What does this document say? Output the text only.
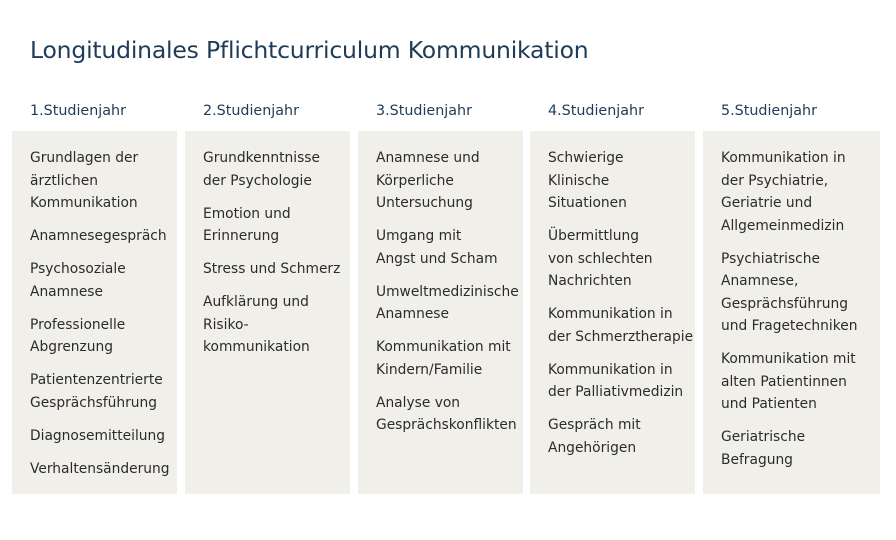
Longitudinales Pflichtcurriculum Kommunikation
1.Studienjahr
Grundlagen der
ärztlichen
Kommunikation
Anamnesegespräch
Psychosoziale
Anamnese
Professionelle
Abgrenzung
Patientenzentrierte
Gesprächsführung
Diagnosemitteilung
Verhaltensänderung
2.Studienjahr
Grundkenntnisse
der Psychologie
Emotion und
Erinnerung
Stress und Schmerz
Aufklärung und
Risiko-
kommunikation
3.Studienjahr
Anamnese und
Körperliche
Untersuchung
Umgang mit
Angst und Scham
Umweltmedizinische
Anamnese
Kommunikation mit
Kindern/Familie
Analyse von
Gesprächskonflikten
4.Studienjahr
Schwierige
Klinische
Situationen
Übermittlung
von schlechten
Nachrichten
Kommunikation in
der Schmerztherapie
Kommunikation in
der Palliativmedizin
Gespräch mit
Angehörigen
5.Studienjahr
Kommunikation in
der Psychiatrie,
Geriatrie und
Allgemeinmedizin
Psychiatrische
Anamnese,
Gesprächsführung
und Fragetechniken
Kommunikation mit
alten Patientinnen
und Patienten
Geriatrische
Befragung
